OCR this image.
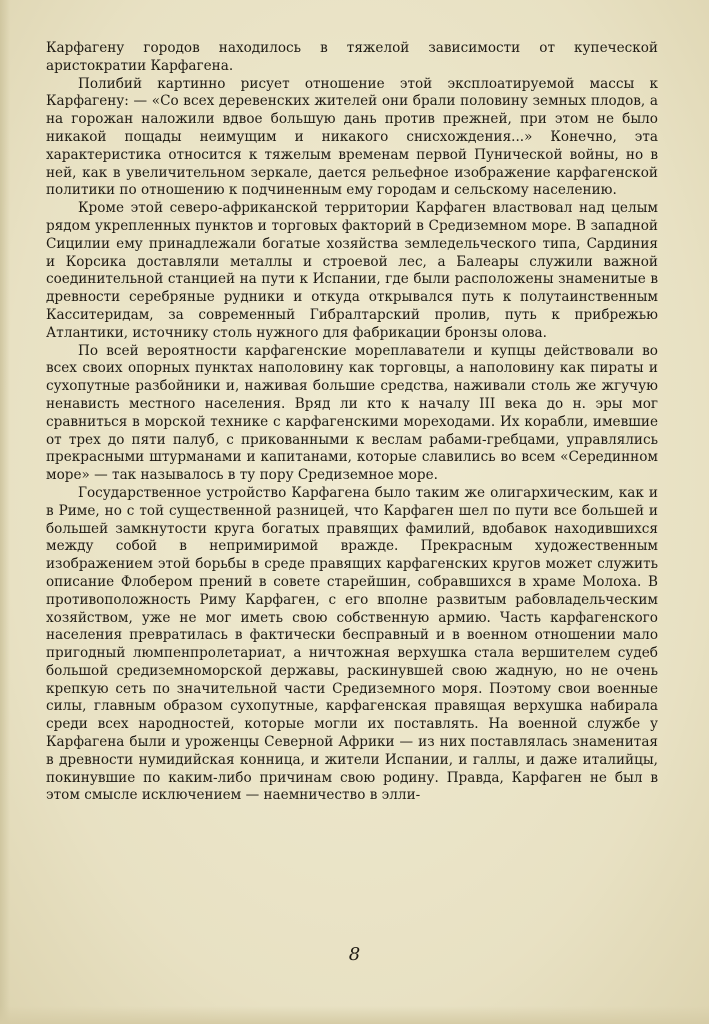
Карфагену городов находилось в тяжелой зависимости от купеческой аристократии Карфагена.

Полибий картинно рисует отношение этой эксплоатируемой массы к Карфагену: — «Со всех деревенских жителей они брали половину земных плодов, а на горожан наложили вдвое большую дань против прежней, при этом не было никакой пощады неимущим и никакого снисхождения...» Конечно, эта характеристика относится к тяжелым временам первой Пунической войны, но в ней, как в увеличительном зеркале, дается рельефное изображение карфагенской политики по отношению к подчиненным ему городам и сельскому населению.

Кроме этой северо-африканской территории Карфаген властвовал над целым рядом укрепленных пунктов и торговых факторий в Средиземном море. В западной Сицилии ему принадлежали богатые хозяйства земледельческого типа, Сардиния и Корсика доставляли металлы и строевой лес, а Балеары служили важной соединительной станцией на пути к Испании, где были расположены знаменитые в древности серебряные рудники и откуда открывался путь к полутаинственным Касситеридам, за современный Гибралтарский пролив, путь к прибрежью Атлантики, источнику столь нужного для фабрикации бронзы олова.

По всей вероятности карфагенские мореплаватели и купцы действовали во всех своих опорных пунктах наполовину как торговцы, а наполовину как пираты и сухопутные разбойники и, наживая большие средства, наживали столь же жгучую ненависть местного населения. Вряд ли кто к началу III века до н. эры мог сравниться в морской технике с карфагенскими мореходами. Их корабли, имевшие от трех до пяти палуб, с прикованными к веслам рабами-гребцами, управлялись прекрасными штурманами и капитанами, которые славились во всем «Серединном море» — так называлось в ту пору Средиземное море.

Государственное устройство Карфагена было таким же олигархическим, как и в Риме, но с той существенной разницей, что Карфаген шел по пути все большей и большей замкнутости круга богатых правящих фамилий, вдобавок находившихся между собой в непримиримой вражде. Прекрасным художественным изображением этой борьбы в среде правящих карфагенских кругов может служить описание Флобером прений в совете старейшин, собравшихся в храме Молоха. В противоположность Риму Карфаген, с его вполне развитым рабовладельческим хозяйством, уже не мог иметь свою собственную армию. Часть карфагенского населения превратилась в фактически бесправный и в военном отношении мало пригодный люмпенпролетариат, а ничтожная верхушка стала вершителем судеб большой средиземноморской державы, раскинувшей свою жадную, но не очень крепкую сеть по значительной части Средиземного моря. Поэтому свои военные силы, главным образом сухопутные, карфагенская правящая верхушка набирала среди всех народностей, которые могли их поставлять. На военной службе у Карфагена были и уроженцы Северной Африки — из них поставлялась знаменитая в древности нумидийская конница, и жители Испании, и галлы, и даже италийцы, покинувшие по каким-либо причинам свою родину. Правда, Карфаген не был в этом смысле исключением — наемничество в элли-

8
